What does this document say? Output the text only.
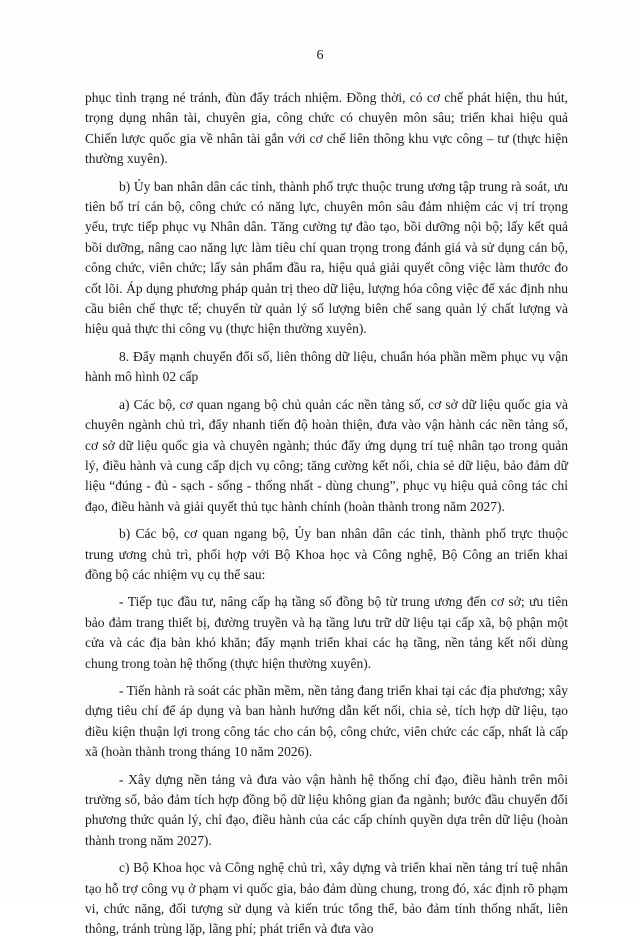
6

phục tình trạng né tránh, đùn đẩy trách nhiệm. Đồng thời, có cơ chế phát hiện, thu hút, trọng dụng nhân tài, chuyên gia, công chức có chuyên môn sâu; triển khai hiệu quả Chiến lược quốc gia về nhân tài gắn với cơ chế liên thông khu vực công – tư (thực hiện thường xuyên).

b) Ủy ban nhân dân các tỉnh, thành phố trực thuộc trung ương tập trung rà soát, ưu tiên bố trí cán bộ, công chức có năng lực, chuyên môn sâu đảm nhiệm các vị trí trọng yếu, trực tiếp phục vụ Nhân dân. Tăng cường tự đào tạo, bồi dưỡng nội bộ; lấy kết quả bồi dưỡng, nâng cao năng lực làm tiêu chí quan trọng trong đánh giá và sử dụng cán bộ, công chức, viên chức; lấy sản phẩm đầu ra, hiệu quả giải quyết công việc làm thước đo cốt lõi. Áp dụng phương pháp quản trị theo dữ liệu, lượng hóa công việc để xác định nhu cầu biên chế thực tế; chuyển từ quản lý số lượng biên chế sang quản lý chất lượng và hiệu quả thực thi công vụ (thực hiện thường xuyên).

8. Đẩy mạnh chuyển đổi số, liên thông dữ liệu, chuẩn hóa phần mềm phục vụ vận hành mô hình 02 cấp

a) Các bộ, cơ quan ngang bộ chủ quản các nền tảng số, cơ sở dữ liệu quốc gia và chuyên ngành chủ trì, đẩy nhanh tiến độ hoàn thiện, đưa vào vận hành các nền tảng số, cơ sở dữ liệu quốc gia và chuyên ngành; thúc đẩy ứng dụng trí tuệ nhân tạo trong quản lý, điều hành và cung cấp dịch vụ công; tăng cường kết nối, chia sẻ dữ liệu, bảo đảm dữ liệu “đúng - đủ - sạch - sống - thống nhất - dùng chung”, phục vụ hiệu quả công tác chỉ đạo, điều hành và giải quyết thủ tục hành chính (hoàn thành trong năm 2027).

b) Các bộ, cơ quan ngang bộ, Ủy ban nhân dân các tỉnh, thành phố trực thuộc trung ương chủ trì, phối hợp với Bộ Khoa học và Công nghệ, Bộ Công an triển khai đồng bộ các nhiệm vụ cụ thể sau:

- Tiếp tục đầu tư, nâng cấp hạ tầng số đồng bộ từ trung ương đến cơ sở; ưu tiên bảo đảm trang thiết bị, đường truyền và hạ tầng lưu trữ dữ liệu tại cấp xã, bộ phận một cửa và các địa bàn khó khăn; đẩy mạnh triển khai các hạ tầng, nền tảng kết nối dùng chung trong toàn hệ thống (thực hiện thường xuyên).

- Tiến hành rà soát các phần mềm, nền tảng đang triển khai tại các địa phương; xây dựng tiêu chí để áp dụng và ban hành hướng dẫn kết nối, chia sẻ, tích hợp dữ liệu, tạo điều kiện thuận lợi trong công tác cho cán bộ, công chức, viên chức các cấp, nhất là cấp xã (hoàn thành trong tháng 10 năm 2026).

- Xây dựng nền tảng và đưa vào vận hành hệ thống chỉ đạo, điều hành trên môi trường số, bảo đảm tích hợp đồng bộ dữ liệu không gian đa ngành; bước đầu chuyển đổi phương thức quản lý, chỉ đạo, điều hành của các cấp chính quyền dựa trên dữ liệu (hoàn thành trong năm 2027).

c) Bộ Khoa học và Công nghệ chủ trì, xây dựng và triển khai nền tảng trí tuệ nhân tạo hỗ trợ công vụ ở phạm vi quốc gia, bảo đảm dùng chung, trong đó, xác định rõ phạm vi, chức năng, đối tượng sử dụng và kiến trúc tổng thể, bảo đảm tính thống nhất, liên thông, tránh trùng lặp, lãng phí; phát triển và đưa vào
